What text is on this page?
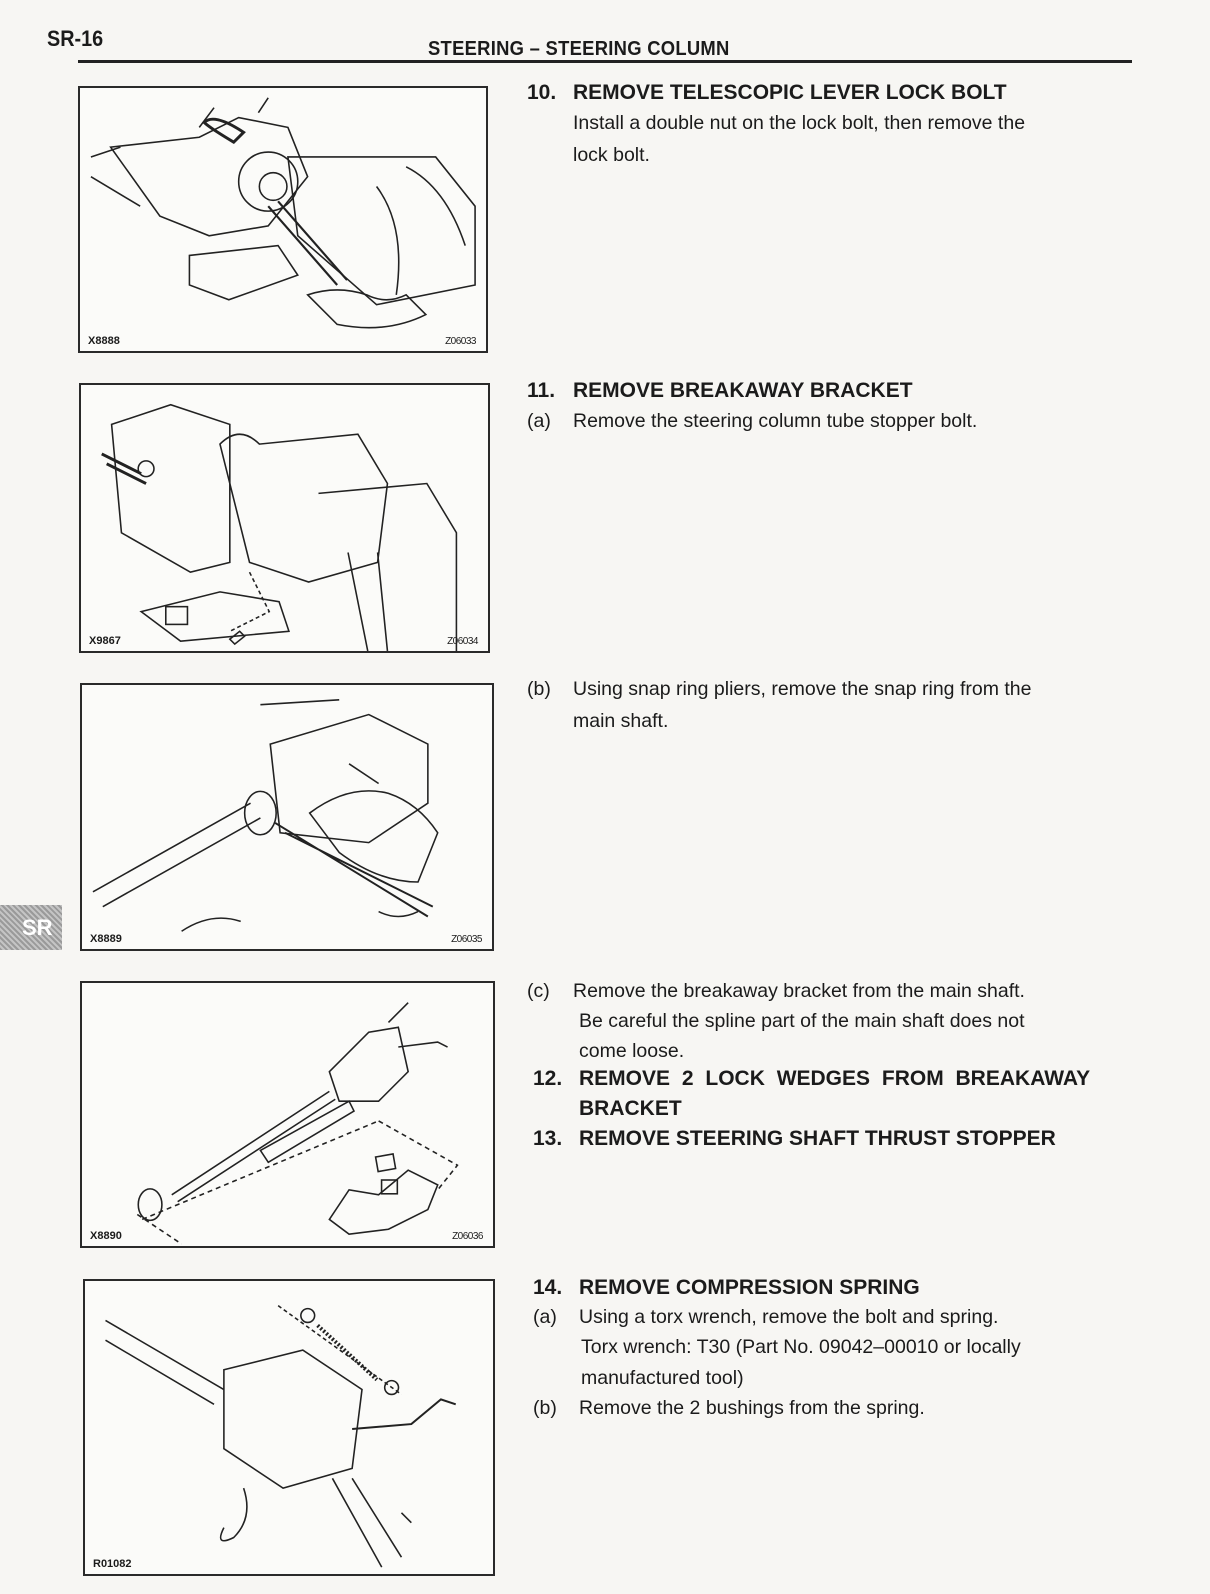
SR-16	STEERING – STEERING COLUMN
SR
X8888	Z06033
X9867	Z06034
X8889	Z06035
X8890	Z06036
R01082
10. REMOVE TELESCOPIC LEVER LOCK BOLT
Install a double nut on the lock bolt, then remove the
lock bolt.
11. REMOVE BREAKAWAY BRACKET
(a) Remove the steering column tube stopper bolt.
(b) Using snap ring pliers, remove the snap ring from the
main shaft.
(c) Remove the breakaway bracket from the main shaft.
Be careful the spline part of the main shaft does not
come loose.
12. REMOVE 2 LOCK WEDGES FROM BREAKAWAY
BRACKET
13. REMOVE STEERING SHAFT THRUST STOPPER
14. REMOVE COMPRESSION SPRING
(a) Using a torx wrench, remove the bolt and spring.
Torx wrench: T30 (Part No. 09042–00010 or locally
manufactured tool)
(b) Remove the 2 bushings from the spring.
